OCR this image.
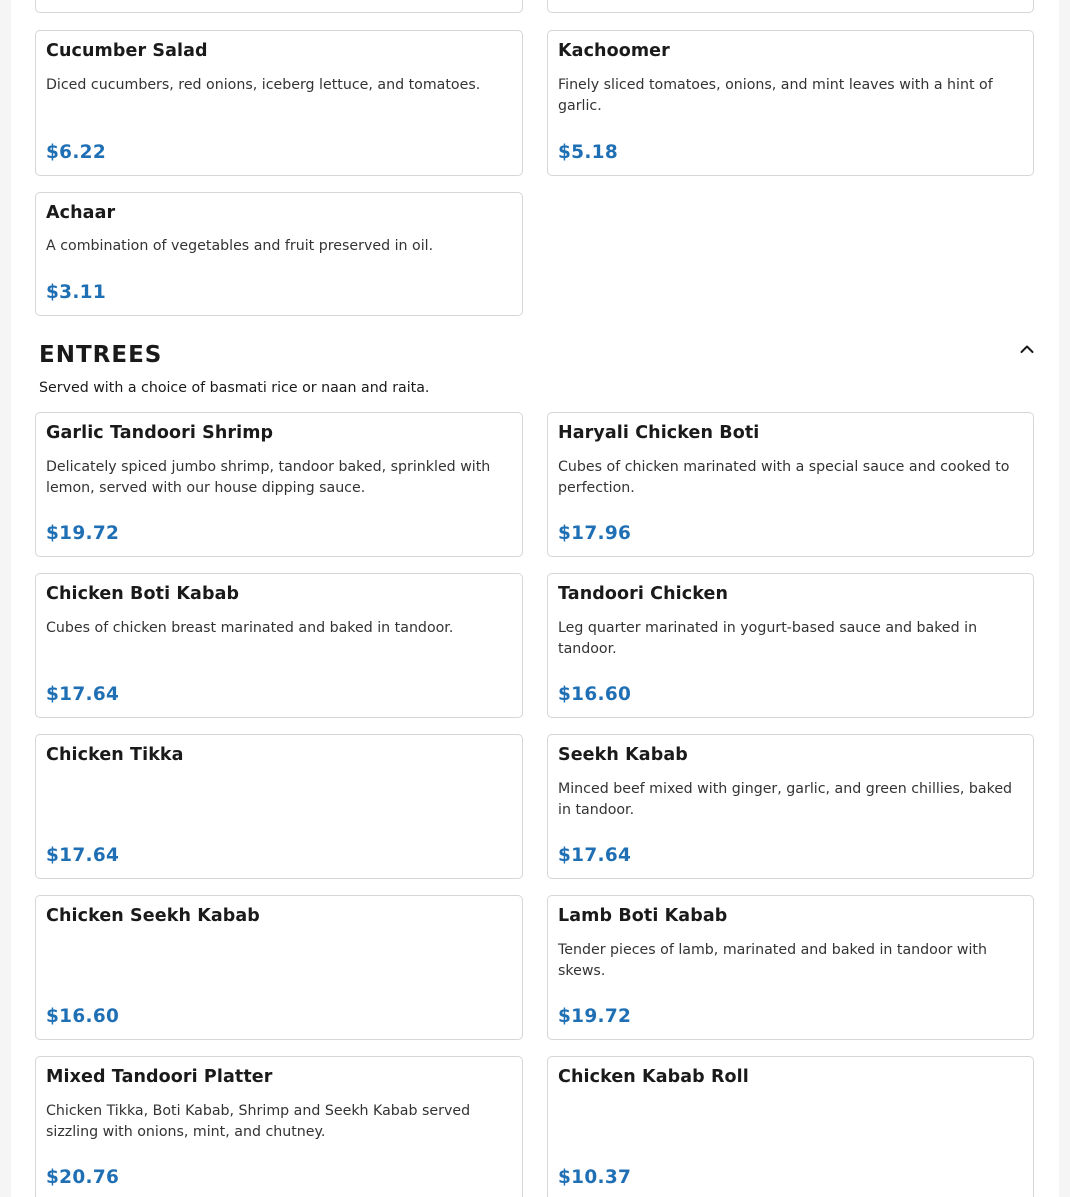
Cucumber Salad
Diced cucumbers, red onions, iceberg lettuce, and tomatoes.
$6.22
Kachoomer
Finely sliced tomatoes, onions, and mint leaves with a hint of garlic.
$5.18
Achaar
A combination of vegetables and fruit preserved in oil.
$3.11
ENTREES
Served with a choice of basmati rice or naan and raita.
Garlic Tandoori Shrimp
Delicately spiced jumbo shrimp, tandoor baked, sprinkled with lemon, served with our house dipping sauce.
$19.72
Haryali Chicken Boti
Cubes of chicken marinated with a special sauce and cooked to perfection.
$17.96
Chicken Boti Kabab
Cubes of chicken breast marinated and baked in tandoor.
$17.64
Tandoori Chicken
Leg quarter marinated in yogurt-based sauce and baked in tandoor.
$16.60
Chicken Tikka
$17.64
Seekh Kabab
Minced beef mixed with ginger, garlic, and green chillies, baked in tandoor.
$17.64
Chicken Seekh Kabab
$16.60
Lamb Boti Kabab
Tender pieces of lamb, marinated and baked in tandoor with skews.
$19.72
Mixed Tandoori Platter
Chicken Tikka, Boti Kabab, Shrimp and Seekh Kabab served sizzling with onions, mint, and chutney.
$20.76
Chicken Kabab Roll
$10.37
